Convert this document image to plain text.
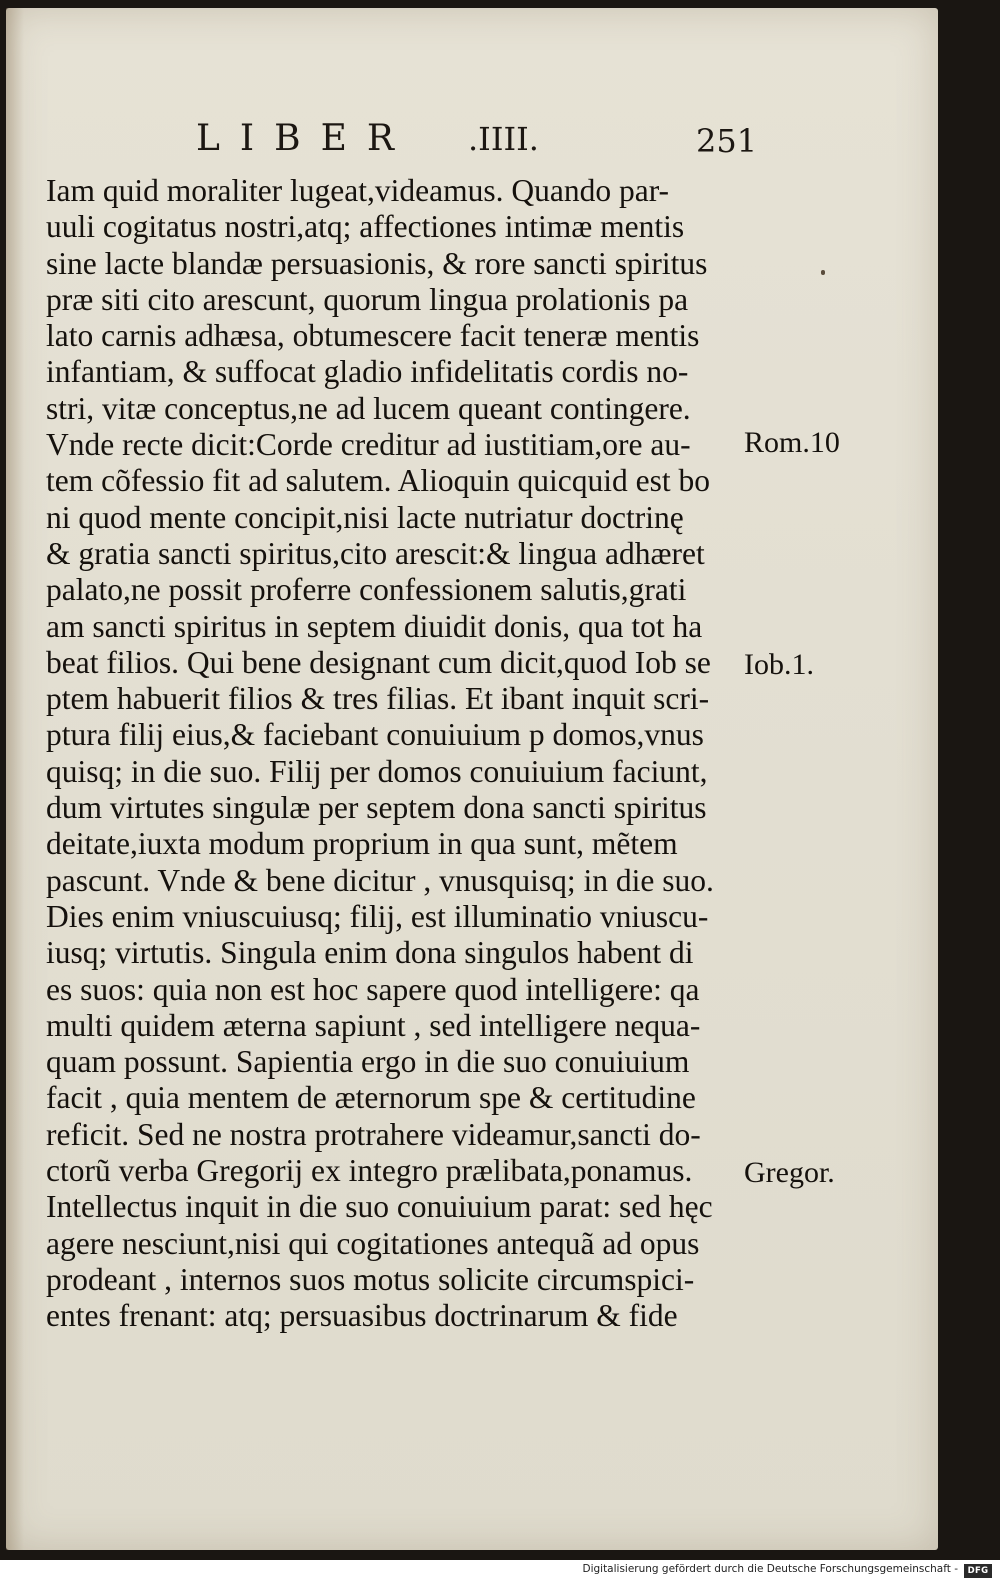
LIBER .IIII.	251
Iam quid moraliter lugeat,videamus. Quando par-
uuli cogitatus nostri,atq; affectiones intimæ mentis
sine lacte blandæ persuasionis, & rore sancti spiritus
præ siti cito arescunt, quorum lingua prolationis pa
lato carnis adhæsa, obtumescere facit teneræ mentis
infantiam, & suffocat gladio infidelitatis cordis no-
stri, vitæ conceptus,ne ad lucem queant contingere.
Vnde recte dicit:Corde creditur ad iustitiam,ore au-
tem cõfessio fit ad salutem. Alioquin quicquid est bo
ni quod mente concipit,nisi lacte nutriatur doctrinę
& gratia sancti spiritus,cito arescit:& lingua adhæret
palato,ne possit proferre confessionem salutis,grati
am sancti spiritus in septem diuidit donis, qua tot ha
beat filios. Qui bene designant cum dicit,quod Iob se
ptem habuerit filios & tres filias. Et ibant inquit scri-
ptura filij eius,& faciebant conuiuium p domos,vnus
quisq; in die suo. Filij per domos conuiuium faciunt,
dum virtutes singulæ per septem dona sancti spiritus
deitate,iuxta modum proprium in qua sunt, mẽtem
pascunt. Vnde & bene dicitur , vnusquisq; in die suo.
Dies enim vniuscuiusq; filij, est illuminatio vniuscu-
iusq; virtutis. Singula enim dona singulos habent di
es suos: quia non est hoc sapere quod intelligere: qa
multi quidem æterna sapiunt , sed intelligere nequa-
quam possunt. Sapientia ergo in die suo conuiuium
facit , quia mentem de æternorum spe & certitudine
reficit. Sed ne nostra protrahere videamur,sancti do-
ctorũ verba Gregorij ex integro prælibata,ponamus.
Intellectus inquit in die suo conuiuium parat: sed hęc
agere nesciunt,nisi qui cogitationes antequã ad opus
prodeant , internos suos motus solicite circumspici-
entes frenant: atq; persuasibus doctrinarum & fide
Rom.10
Iob.1.
Gregor.
Digitalisierung gefördert durch die Deutsche Forschungsgemeinschaft -	DFG
